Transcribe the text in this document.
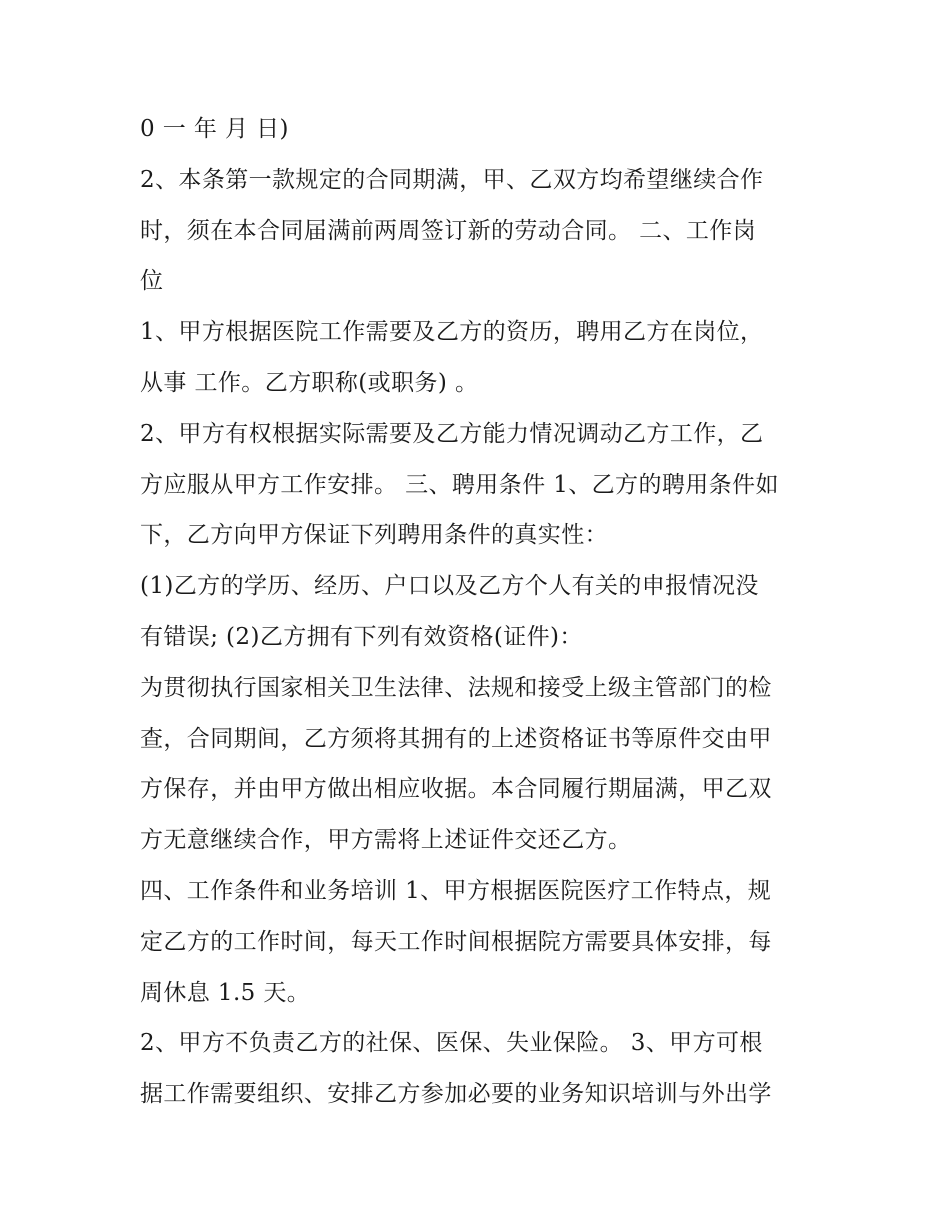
0 一 年 月 日)
2、本条第一款规定的合同期满，甲、乙双方均希望继续合作
时，须在本合同届满前两周签订新的劳动合同。 二、工作岗
位
1、甲方根据医院工作需要及乙方的资历，聘用乙方在岗位，
从事 工作。乙方职称(或职务) 。
2、甲方有权根据实际需要及乙方能力情况调动乙方工作，乙
方应服从甲方工作安排。 三、聘用条件 1、乙方的聘用条件如
下，乙方向甲方保证下列聘用条件的真实性：
(1)乙方的学历、经历、户口以及乙方个人有关的申报情况没
有错误; (2)乙方拥有下列有效资格(证件)：
为贯彻执行国家相关卫生法律、法规和接受上级主管部门的检
查，合同期间，乙方须将其拥有的上述资格证书等原件交由甲
方保存，并由甲方做出相应收据。本合同履行期届满，甲乙双
方无意继续合作，甲方需将上述证件交还乙方。
四、工作条件和业务培训 1、甲方根据医院医疗工作特点，规
定乙方的工作时间，每天工作时间根据院方需要具体安排，每
周休息 1.5 天。
2、甲方不负责乙方的社保、医保、失业保险。 3、甲方可根
据工作需要组织、安排乙方参加必要的业务知识培训与外出学
